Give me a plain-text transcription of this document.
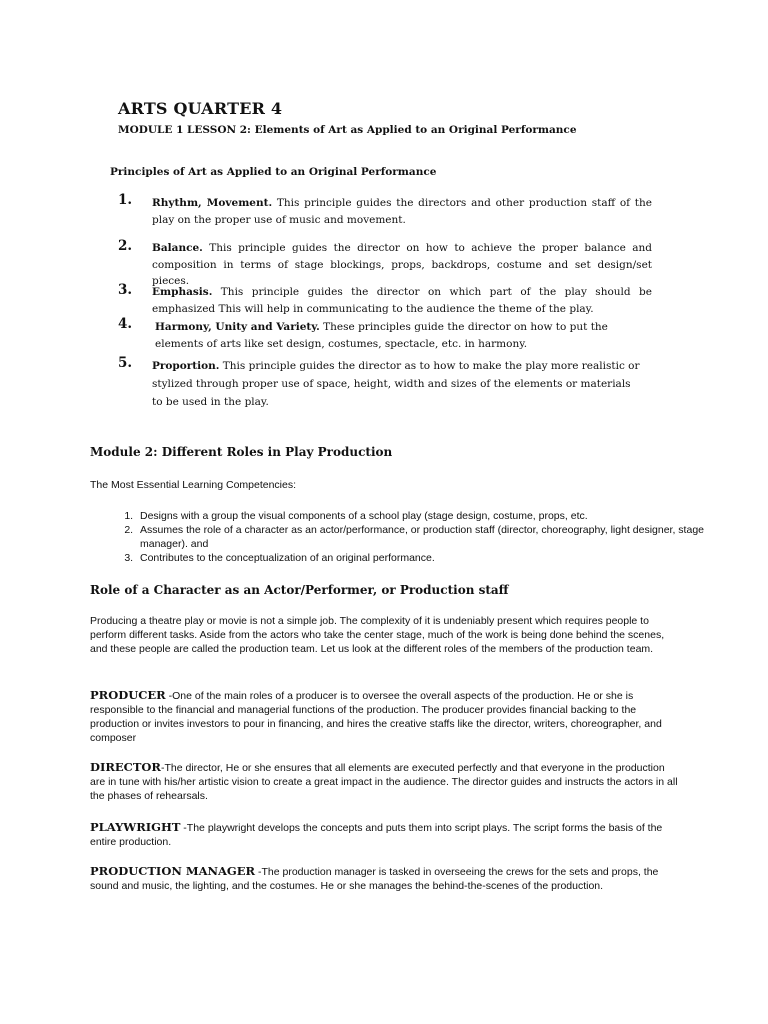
ARTS QUARTER 4
MODULE 1 LESSON 2: Elements of Art as Applied to an Original Performance
Principles of Art as Applied to an Original Performance
1. Rhythm, Movement. This principle guides the directors and other production staff of the play on the proper use of music and movement.
2. Balance. This principle guides the director on how to achieve the proper balance and composition in terms of stage blockings, props, backdrops, costume and set design/set pieces.
3. Emphasis. This principle guides the director on which part of the play should be emphasized This will help in communicating to the audience the theme of the play.
4. Harmony, Unity and Variety. These principles guide the director on how to put the elements of arts like set design, costumes, spectacle, etc. in harmony.
5. Proportion. This principle guides the director as to how to make the play more realistic or stylized through proper use of space, height, width and sizes of the elements or materials to be used in the play.
Module 2: Different Roles in Play Production
The Most Essential Learning Competencies:
1. Designs with a group the visual components of a school play (stage design, costume, props, etc.
2. Assumes the role of a character as an actor/performance, or production staff (director, choreography, light designer, stage manager). and
3. Contributes to the conceptualization of an original performance.
Role of a Character as an Actor/Performer, or Production staff
Producing a theatre play or movie is not a simple job. The complexity of it is undeniably present which requires people to perform different tasks. Aside from the actors who take the center stage, much of the work is being done behind the scenes, and these people are called the production team. Let us look at the different roles of the members of the production team.
PRODUCER -One of the main roles of a producer is to oversee the overall aspects of the production. He or she is responsible to the financial and managerial functions of the production. The producer provides financial backing to the production or invites investors to pour in financing, and hires the creative staffs like the director, writers, choreographer, and composer
DIRECTOR-The director, He or she ensures that all elements are executed perfectly and that everyone in the production are in tune with his/her artistic vision to create a great impact in the audience. The director guides and instructs the actors in all the phases of rehearsals.
PLAYWRIGHT -The playwright develops the concepts and puts them into script plays. The script forms the basis of the entire production.
PRODUCTION MANAGER -The production manager is tasked in overseeing the crews for the sets and props, the sound and music, the lighting, and the costumes. He or she manages the behind-the-scenes of the production.
